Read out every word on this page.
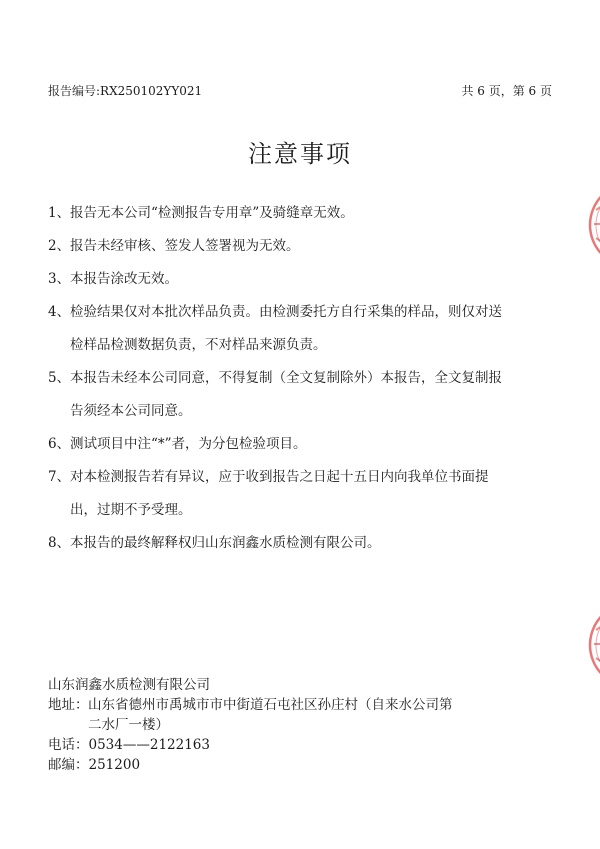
报告编号:RX250102YY021	共 6 页，第 6 页
注意事项
1、 报告无本公司“检测报告专用章”及骑缝章无效。
2、 报告未经审核、签发人签署视为无效。
3、 本报告涂改无效。
4、 检验结果仅对本批次样品负责。由检测委托方自行采集的样品，则仅对送
检样品检测数据负责，不对样品来源负责。
5、 本报告未经本公司同意，不得复制（全文复制除外）本报告，全文复制报
告须经本公司同意。
6、 测试项目中注“*”者，为分包检验项目。
7、 对本检测报告若有异议，应于收到报告之日起十五日内向我单位书面提
出，过期不予受理。
8、 本报告的最终解释权归山东润鑫水质检测有限公司。
山东润鑫水质检测有限公司
地址： 山东省德州市禹城市市中街道石屯社区孙庄村（自来水公司第
二水厂一楼）
电话：0534——2122163
邮编：251200
